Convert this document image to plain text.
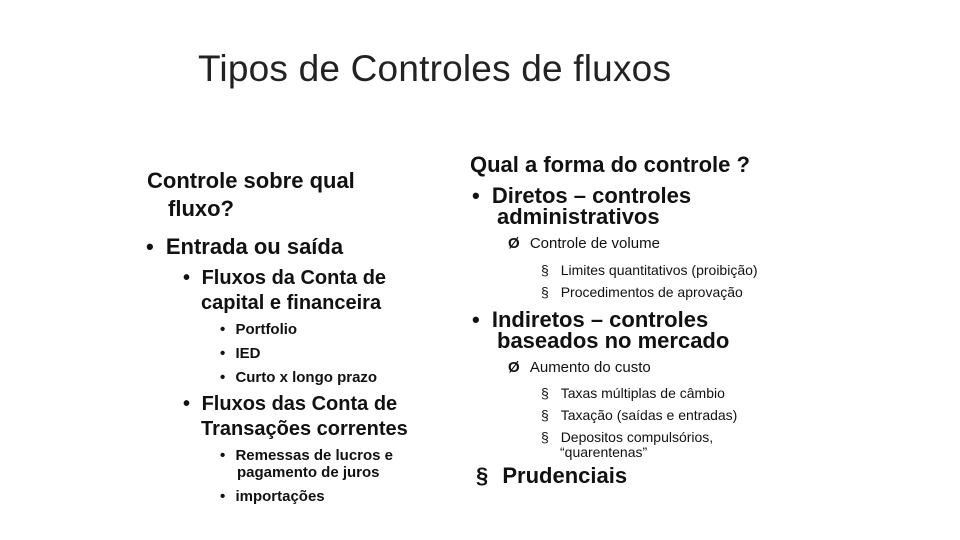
Tipos de Controles de fluxos
Controle sobre qual
fluxo?
• Entrada ou saída
• Fluxos da Conta de
capital e financeira
• Portfolio
• IED
• Curto x longo prazo
• Fluxos das Conta de
Transações correntes
• Remessas de lucros e
pagamento de juros
• importações
Qual a forma do controle ?
• Diretos – controles
administrativos
Ø Controle de volume
§ Limites quantitativos (proibição)
§ Procedimentos de aprovação
• Indiretos – controles
baseados no mercado
Ø Aumento do custo
§ Taxas múltiplas de câmbio
§ Taxação (saídas e entradas)
§ Depositos compulsórios,
“quarentenas”
§ Prudenciais
